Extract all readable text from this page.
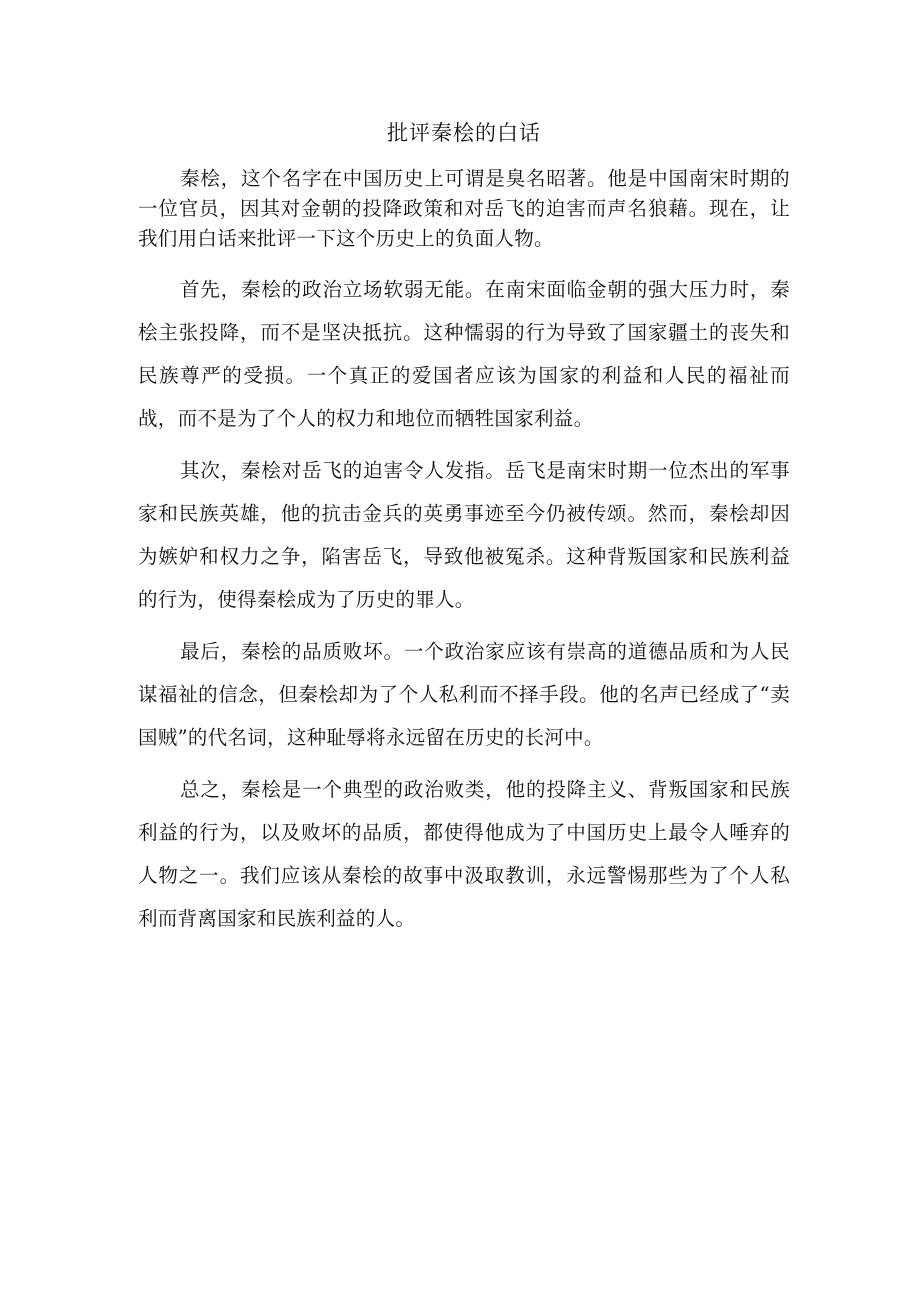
批评秦桧的白话

秦桧，这个名字在中国历史上可谓是臭名昭著。他是中国南宋时期的一位官员，因其对金朝的投降政策和对岳飞的迫害而声名狼藉。现在，让我们用白话来批评一下这个历史上的负面人物。

首先，秦桧的政治立场软弱无能。在南宋面临金朝的强大压力时，秦桧主张投降，而不是坚决抵抗。这种懦弱的行为导致了国家疆土的丧失和民族尊严的受损。一个真正的爱国者应该为国家的利益和人民的福祉而战，而不是为了个人的权力和地位而牺牲国家利益。

其次，秦桧对岳飞的迫害令人发指。岳飞是南宋时期一位杰出的军事家和民族英雄，他的抗击金兵的英勇事迹至今仍被传颂。然而，秦桧却因为嫉妒和权力之争，陷害岳飞，导致他被冤杀。这种背叛国家和民族利益的行为，使得秦桧成为了历史的罪人。

最后，秦桧的品质败坏。一个政治家应该有崇高的道德品质和为人民谋福祉的信念，但秦桧却为了个人私利而不择手段。他的名声已经成了“卖国贼”的代名词，这种耻辱将永远留在历史的长河中。

总之，秦桧是一个典型的政治败类，他的投降主义、背叛国家和民族利益的行为，以及败坏的品质，都使得他成为了中国历史上最令人唾弃的人物之一。我们应该从秦桧的故事中汲取教训，永远警惕那些为了个人私利而背离国家和民族利益的人。
